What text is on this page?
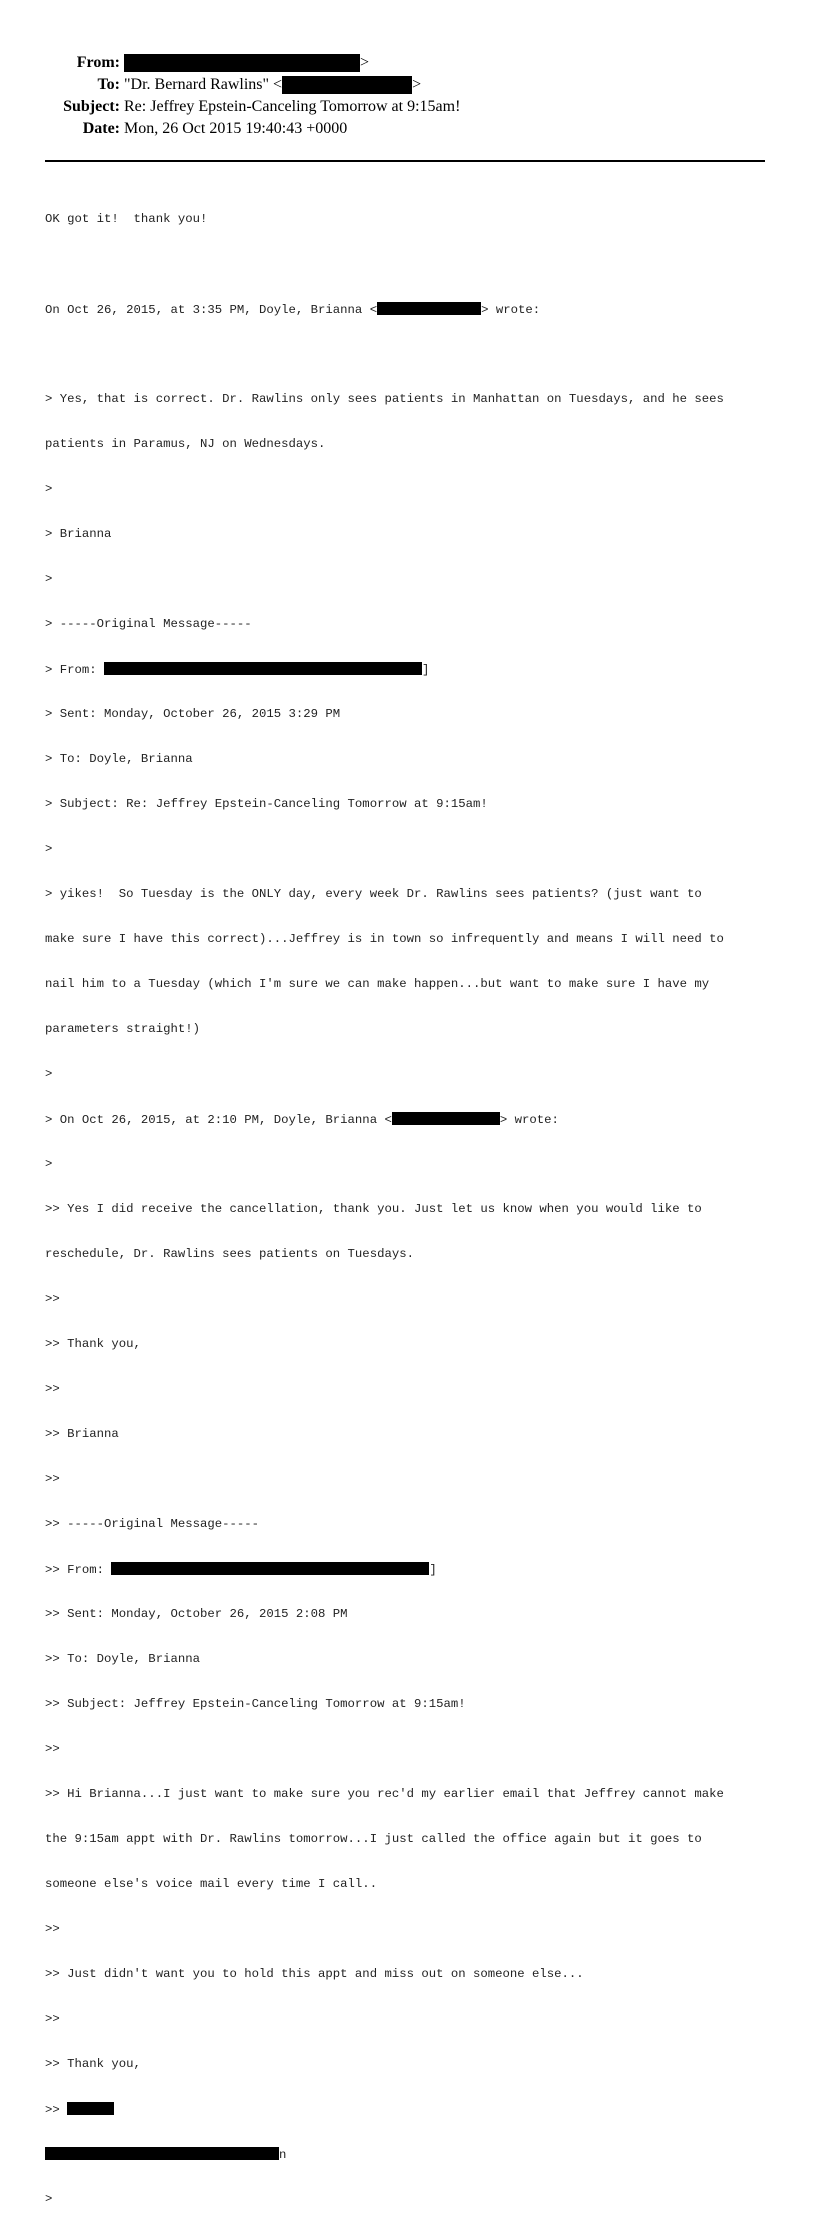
From:	>
To: "Dr. Bernard Rawlins" <	>
Subject: Re: Jeffrey Epstein-Canceling Tomorrow at 9:15am!
Date: Mon, 26 Oct 2015 19:40:43 +0000

OK got it!  thank you!

On Oct 26, 2015, at 3:35 PM, Doyle, Brianna <	> wrote:

> Yes, that is correct. Dr. Rawlins only sees patients in Manhattan on Tuesdays, and he sees

patients in Paramus, NJ on Wednesdays.

>

> Brianna

>

> -----Original Message-----

> From:	]

> Sent: Monday, October 26, 2015 3:29 PM

> To: Doyle, Brianna

> Subject: Re: Jeffrey Epstein-Canceling Tomorrow at 9:15am!

>

> yikes!  So Tuesday is the ONLY day, every week Dr. Rawlins sees patients? (just want to

make sure I have this correct)...Jeffrey is in town so infrequently and means I will need to

nail him to a Tuesday (which I'm sure we can make happen...but want to make sure I have my

parameters straight!)

>

> On Oct 26, 2015, at 2:10 PM, Doyle, Brianna <	> wrote:

>

>> Yes I did receive the cancellation, thank you. Just let us know when you would like to

reschedule, Dr. Rawlins sees patients on Tuesdays.

>>

>> Thank you,

>>

>> Brianna

>>

>> -----Original Message-----

>> From:	]

>> Sent: Monday, October 26, 2015 2:08 PM

>> To: Doyle, Brianna

>> Subject: Jeffrey Epstein-Canceling Tomorrow at 9:15am!

>>

>> Hi Brianna...I just want to make sure you rec'd my earlier email that Jeffrey cannot make

the 9:15am appt with Dr. Rawlins tomorrow...I just called the office again but it goes to

someone else's voice mail every time I call..

>>

>> Just didn't want you to hold this appt and miss out on someone else...

>>

>> Thank you,

>>

n

>
